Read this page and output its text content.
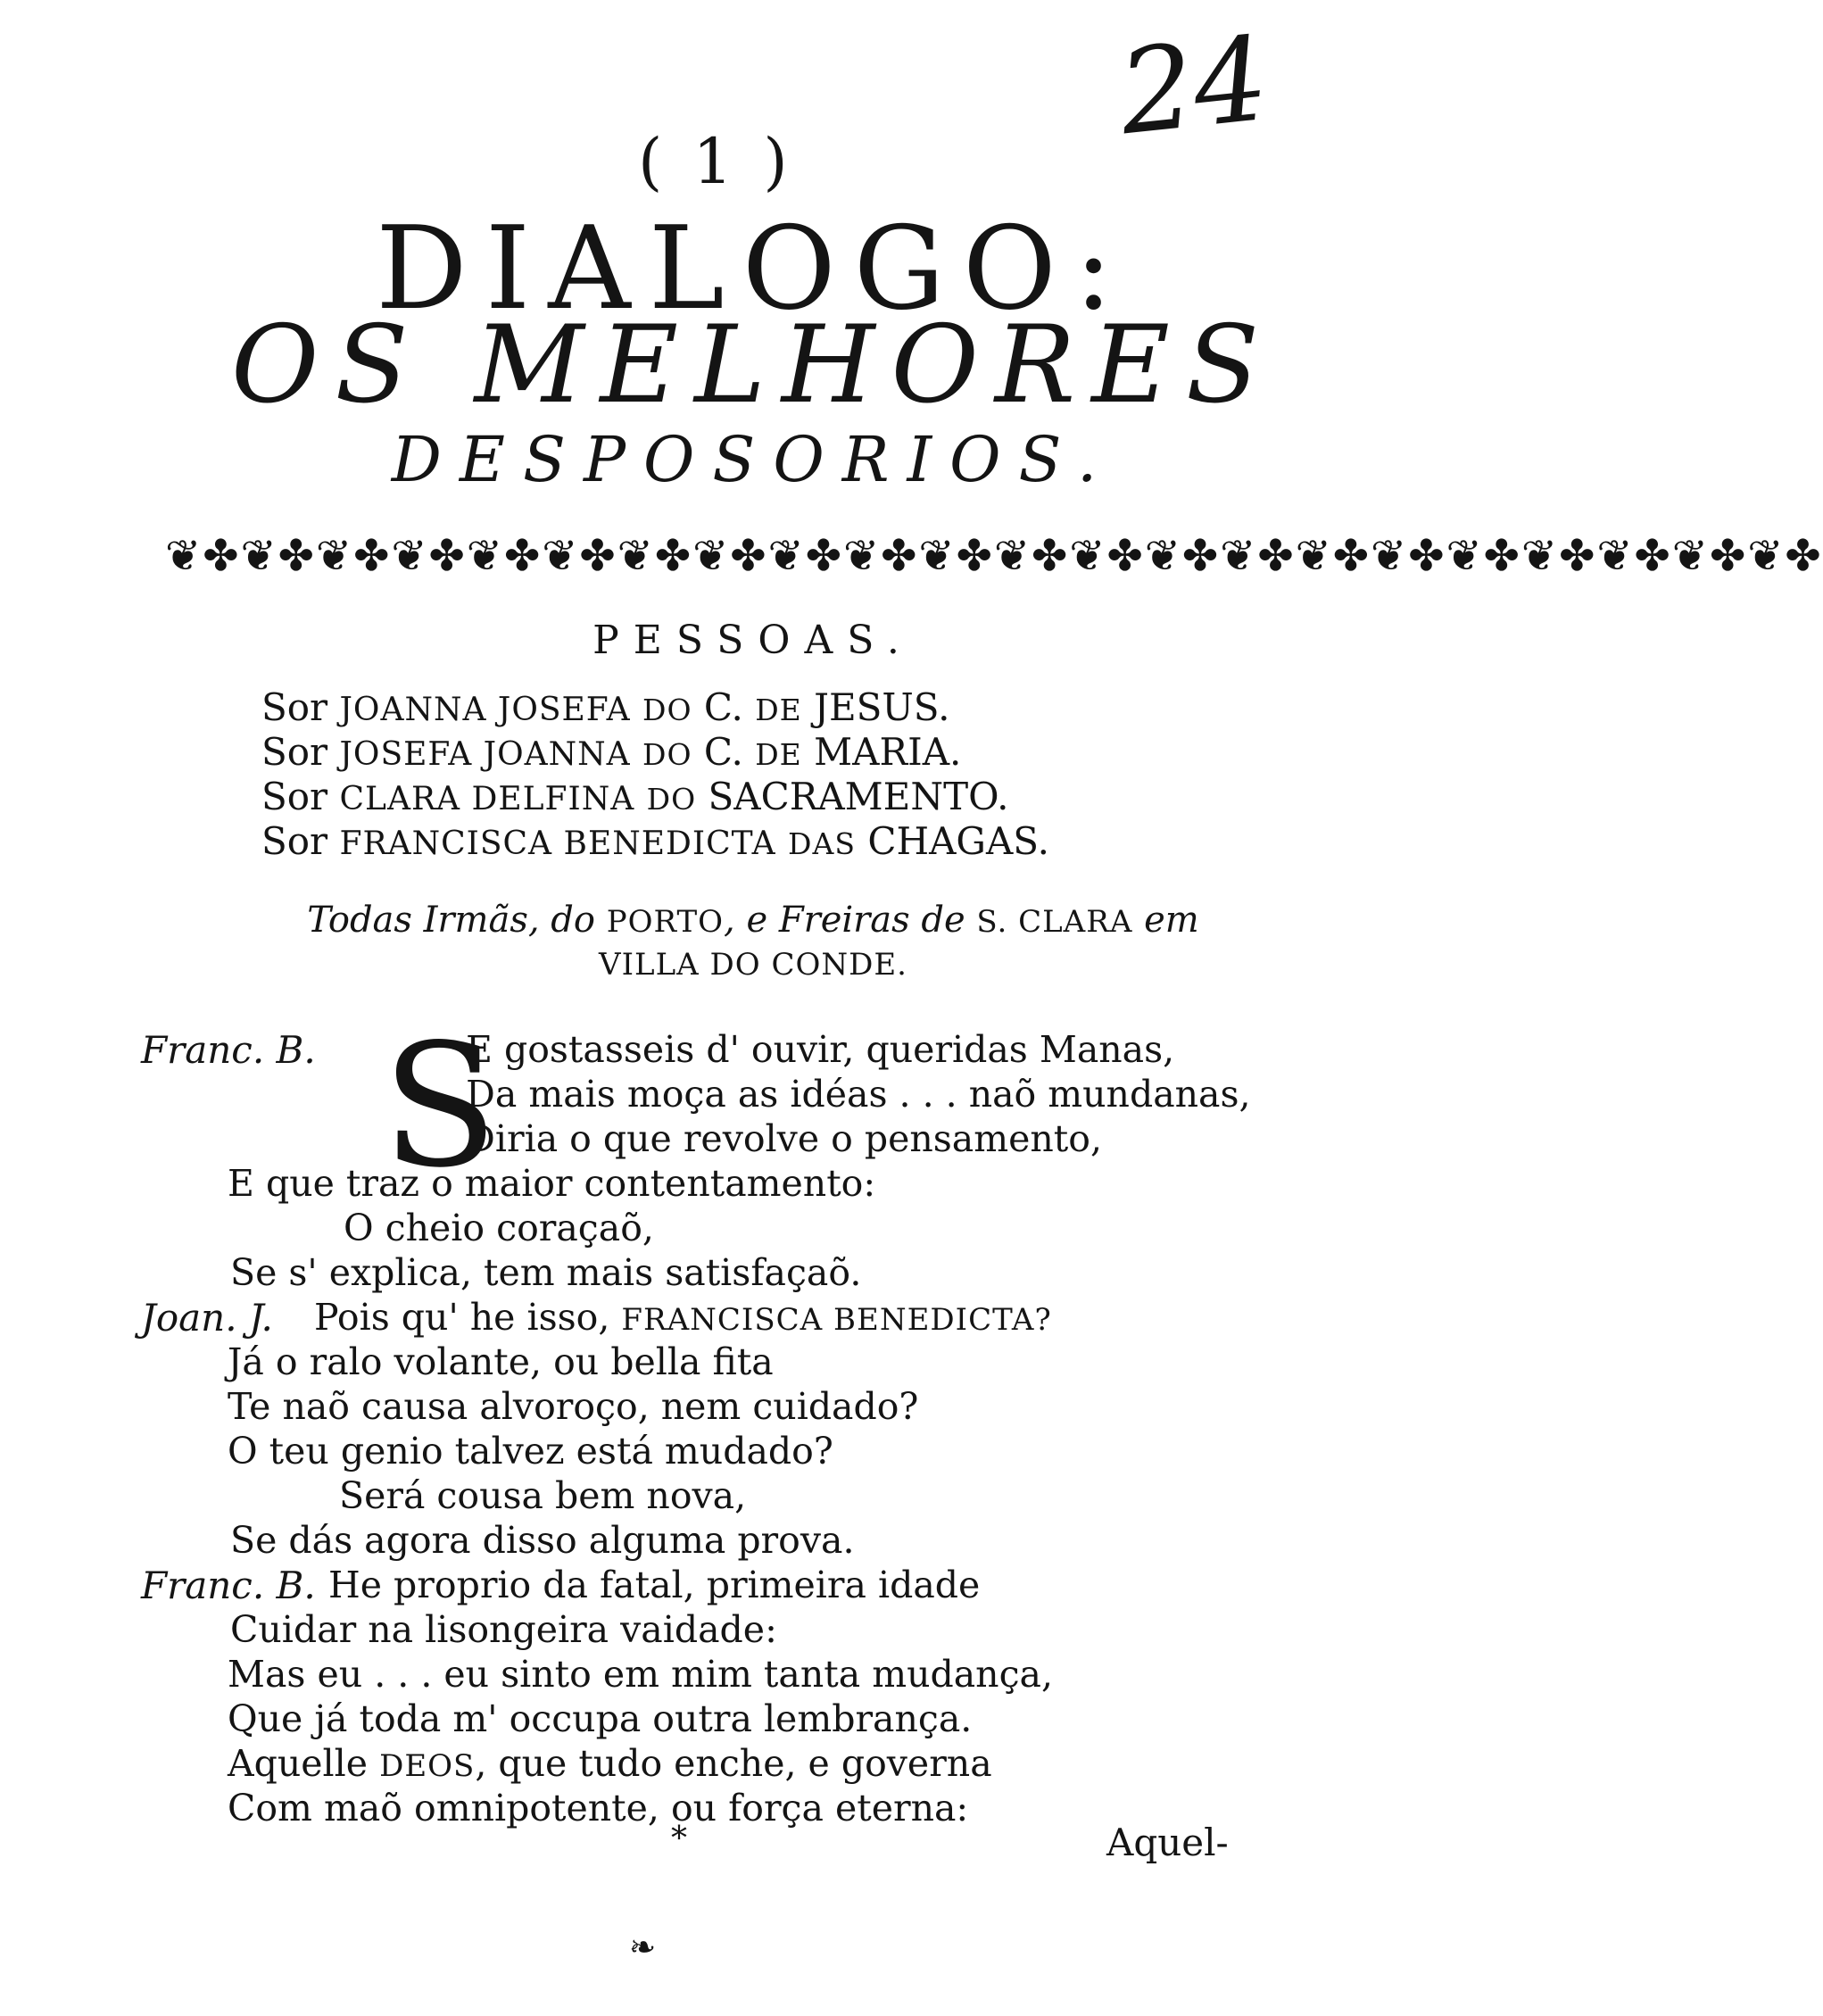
24
( 1 )
DIALOGO:
OS MELHORES
DESPOSORIOS.
❦✤❦✤❦✤❦✤❦✤❦✤❦✤❦✤❦✤❦✤❦✤❦✤❦✤❦✤❦✤❦✤❦✤❦✤❦✤❦✤❦✤❦✤
PESSOAS.
Sor JOANNA JOSEFA DO C. DE JESUS.
Sor JOSEFA JOANNA DO C. DE MARIA.
Sor CLARA DELFINA DO SACRAMENTO.
Sor FRANCISCA BENEDICTA DAS CHAGAS.
Todas Irmãs, do PORTO, e Freiras de S. CLARA em
VILLA DO CONDE.
Franc. B. S
E gostasseis d' ouvir, queridas Manas,
Da mais moça as idéas . . . naõ mundanas,
Diria o que revolve o pensamento,
E que traz o maior contentamento:
O cheio coraçaõ,
Se s' explica, tem mais satisfaçaõ.
Joan. J. Pois qu' he isso, FRANCISCA BENEDICTA?
Já o ralo volante, ou bella fita
Te naõ causa alvoroço, nem cuidado?
O teu genio talvez está mudado?
Será cousa bem nova,
Se dás agora disso alguma prova.
Franc. B. He proprio da fatal, primeira idade
Cuidar na lisongeira vaidade:
Mas eu . . . eu sinto em mim tanta mudança,
Que já toda m' occupa outra lembrança.
Aquelle DEOS, que tudo enche, e governa
Com maõ omnipotente, ou força eterna:
*	Aquel-
❧
